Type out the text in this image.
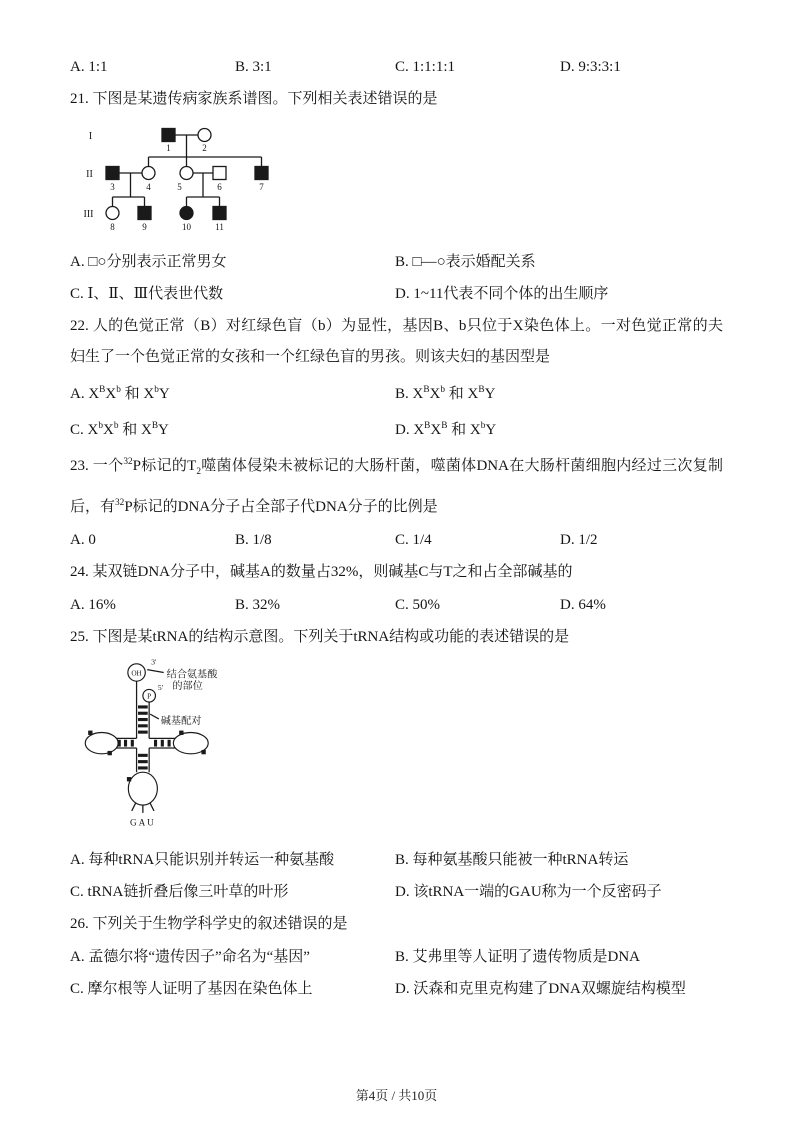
A. 1:1	B. 3:1	C. 1:1:1:1	D. 9:3:3:1
21. 下图是某遗传病家族系谱图。下列相关表述错误的是
I
II
III
1	2
3	4	5	6	7
8	9	10	11
A. □○分别表示正常男女	B. □—○表示婚配关系
C. Ⅰ、Ⅱ、Ⅲ代表世代数	D. 1~11代表不同个体的出生顺序
22. 人的色觉正常（B）对红绿色盲（b）为显性，基因B、b只位于X染色体上。一对色觉正常的夫妇生了一个色觉正常的女孩和一个红绿色盲的男孩。则该夫妇的基因型是
A. $X^BX^b$ 和 $X^bY$	B. $X^BX^b$ 和 $X^BY$
C. $X^bX^b$ 和 $X^BY$	D. $X^BX^B$ 和 $X^bY$
23. 一个$^{32}$P标记的$T_2$噬菌体侵染未被标记的大肠杆菌，噬菌体DNA在大肠杆菌细胞内经过三次复制后，有$^{32}$P标记的DNA分子占全部子代DNA分子的比例是
A. 0	B. 1/8	C. 1/4	D. 1/2
24. 某双链DNA分子中，碱基A的数量占32%，则碱基C与T之和占全部碱基的
A. 16%	B. 32%	C. 50%	D. 64%
25. 下图是某tRNA的结构示意图。下列关于tRNA结构或功能的表述错误的是
OH
P
3'
5'
结合氨基酸
的部位
碱基配对
GAU
A. 每种tRNA只能识别并转运一种氨基酸	B. 每种氨基酸只能被一种tRNA转运
C. tRNA链折叠后像三叶草的叶形	D. 该tRNA一端的GAU称为一个反密码子
26. 下列关于生物学科学史的叙述错误的是
A. 孟德尔将“遗传因子”命名为“基因”	B. 艾弗里等人证明了遗传物质是DNA
C. 摩尔根等人证明了基因在染色体上	D. 沃森和克里克构建了DNA双螺旋结构模型
第4页 / 共10页
